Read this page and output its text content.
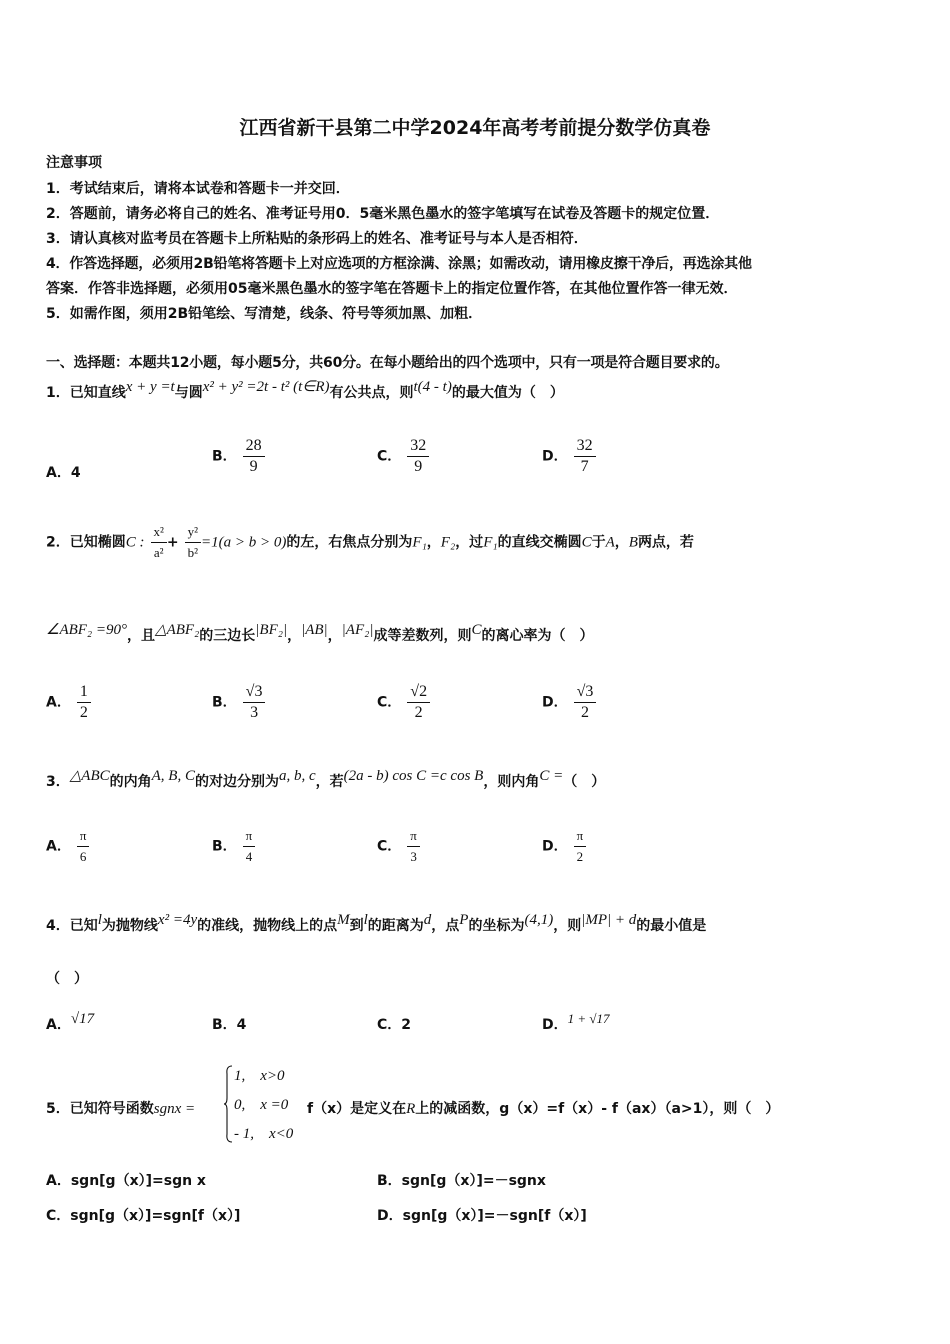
江西省新干县第二中学2024年高考考前提分数学仿真卷
注意事项
1．考试结束后，请将本试卷和答题卡一并交回．
2．答题前，请务必将自己的姓名、准考证号用0．5毫米黑色墨水的签字笔填写在试卷及答题卡的规定位置．
3．请认真核对监考员在答题卡上所粘贴的条形码上的姓名、准考证号与本人是否相符．
4．作答选择题，必须用2B铅笔将答题卡上对应选项的方框涂满、涂黑；如需改动，请用橡皮擦干净后，再选涂其他
答案．作答非选择题，必须用05毫米黑色墨水的签字笔在答题卡上的指定位置作答，在其他位置作答一律无效．
5．如需作图，须用2B铅笔绘、写清楚，线条、符号等须加黑、加粗．
一、选择题：本题共12小题，每小题5分，共60分。在每小题给出的四个选项中，只有一项是符合题目要求的。
1．已知直线x + y =t与圆x² + y² =2t - t² (t∈R)有公共点，则t(4 - t)的最大值为（　）
A．4
B． $\frac{28}{9}$	C． $\frac{32}{9}$	D． $\frac{32}{7}$
2．已知椭圆C : $\frac{\text{x²}}{\text{a²}} + \frac{\text{y²}}{\text{b²}} =1(a > b > 0)$的左，右焦点分别为F₁，F₂，过F₁的直线交椭圆C于A，B两点，若
∠ABF₂ =90°，且△ABF₂的三边长|BF₂|，|AB|，|AF₂|成等差数列，则C的离心率为（　）
A． $\frac{1}{2}$	B． $\frac{√3}{3}$	C． $\frac{√2}{2}$	D． $\frac{√3}{2}$
3．△ABC的内角A, B, C的对边分别为a, b, c，若(2a - b) cos C =c cos B，则内角C =（　）
A． $\frac{\pi}{6}$	B． $\frac{\pi}{4}$	C． $\frac{\pi}{3}$	D． $\frac{\pi}{2}$
4．已知l为抛物线x² =4y的准线，抛物线上的点M到l的距离为d，点P的坐标为(4,1)，则|MP| + d的最小值是
（　）
A．√17	B．4	C．2	D．1 + √17
5．已知符号函数sgnx =
1,　x>0
0,　x =0
- 1,　x<0
f（x）是定义在R上的减函数，g（x）=f（x）- f（ax）（a>1），则（　）
A．sgn[g（x）]=sgn x	B．sgn[g（x）]=－sgnx
C．sgn[g（x）]=sgn[f（x）]	D．sgn[g（x）]=－sgn[f（x）]
